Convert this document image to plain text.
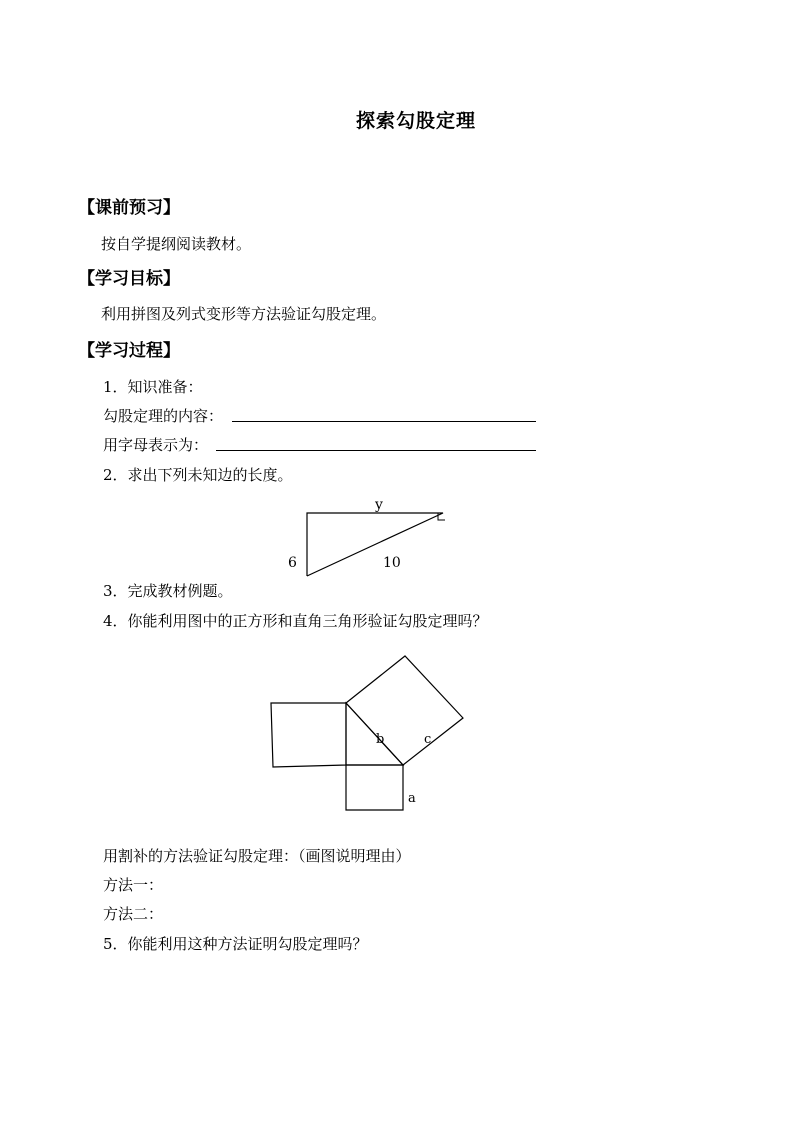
探索勾股定理
【课前预习】
按自学提纲阅读教材。
【学习目标】
利用拼图及列式变形等方法验证勾股定理。
【学习过程】
1．知识准备：
勾股定理的内容：
用字母表示为：
2．求出下列未知边的长度。
y
6	10
b	c
a
3．完成教材例题。
4．你能利用图中的正方形和直角三角形验证勾股定理吗？
用割补的方法验证勾股定理：（画图说明理由）
方法一：
方法二：
5．你能利用这种方法证明勾股定理吗？
